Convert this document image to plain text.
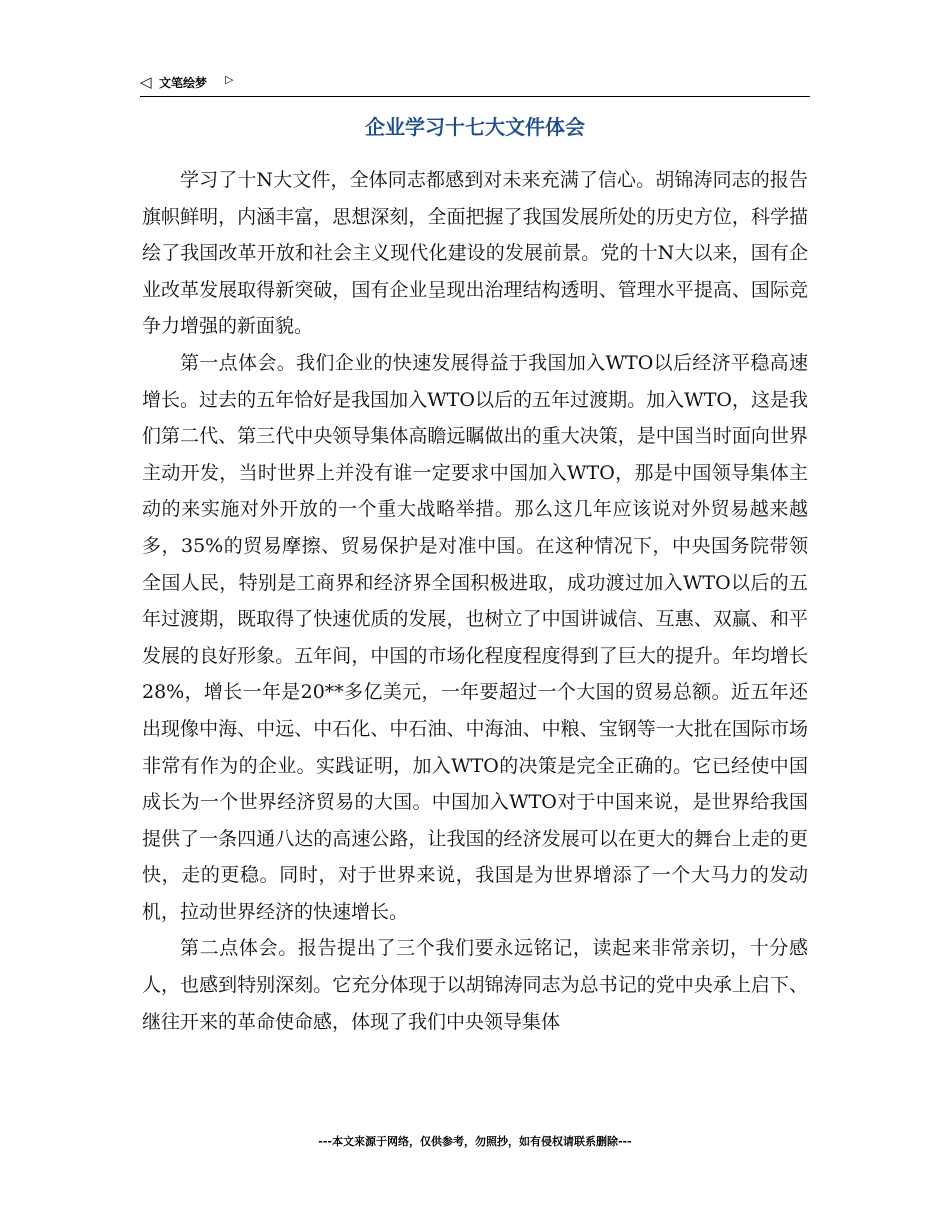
◁ 文笔绘梦 ▷
企业学习十七大文件体会

学习了十N大文件，全体同志都感到对未来充满了信心。胡锦涛同志的报告旗帜鲜明，内涵丰富，思想深刻，全面把握了我国发展所处的历史方位，科学描绘了我国改革开放和社会主义现代化建设的发展前景。党的十N大以来，国有企业改革发展取得新突破，国有企业呈现出治理结构透明、管理水平提高、国际竞争力增强的新面貌。

第一点体会。我们企业的快速发展得益于我国加入WTO以后经济平稳高速增长。过去的五年恰好是我国加入WTO以后的五年过渡期。加入WTO，这是我们第二代、第三代中央领导集体高瞻远瞩做出的重大决策，是中国当时面向世界主动开发，当时世界上并没有谁一定要求中国加入WTO，那是中国领导集体主动的来实施对外开放的一个重大战略举措。那么这几年应该说对外贸易越来越多，35%的贸易摩擦、贸易保护是对准中国。在这种情况下，中央国务院带领全国人民，特别是工商界和经济界全国积极进取，成功渡过加入WTO以后的五年过渡期，既取得了快速优质的发展，也树立了中国讲诚信、互惠、双赢、和平发展的良好形象。五年间，中国的市场化程度程度得到了巨大的提升。年均增长28%，增长一年是20**多亿美元，一年要超过一个大国的贸易总额。近五年还出现像中海、中远、中石化、中石油、中海油、中粮、宝钢等一大批在国际市场非常有作为的企业。实践证明，加入WTO的决策是完全正确的。它已经使中国成长为一个世界经济贸易的大国。中国加入WTO对于中国来说，是世界给我国提供了一条四通八达的高速公路，让我国的经济发展可以在更大的舞台上走的更快，走的更稳。同时，对于世界来说，我国是为世界增添了一个大马力的发动机，拉动世界经济的快速增长。

第二点体会。报告提出了三个我们要永远铭记，读起来非常亲切，十分感人，也感到特别深刻。它充分体现于以胡锦涛同志为总书记的党中央承上启下、继往开来的革命使命感，体现了我们中央领导集体

---本文来源于网络，仅供参考，勿照抄，如有侵权请联系删除---
